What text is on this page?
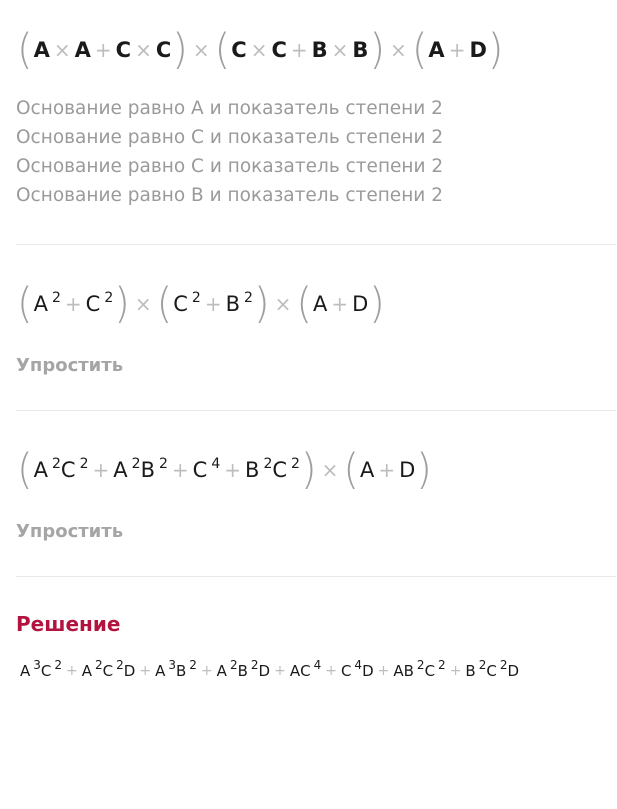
( A × A + C × C ) × ( C × C + B × B ) × ( A + D )
Основание равно A и показатель степени 2
Основание равно C и показатель степени 2
Основание равно C и показатель степени 2
Основание равно B и показатель степени 2
( A $^2$ + C $^2$ ) × ( C $^2$ + B $^2$ ) × ( A + D )
Упростить
( A $^2$ C $^2$ + A $^2$ B $^2$ + C $^4$ + B $^2$ C $^2$ ) × ( A + D )
Упростить
Решение
A $^3$ C $^2$ + A $^2$ C $^2$ D + A $^3$ B $^2$ + A $^2$ B $^2$ D + A C $^4$ + C $^4$ D + A B $^2$ C $^2$ + B $^2$ C $^2$ D
